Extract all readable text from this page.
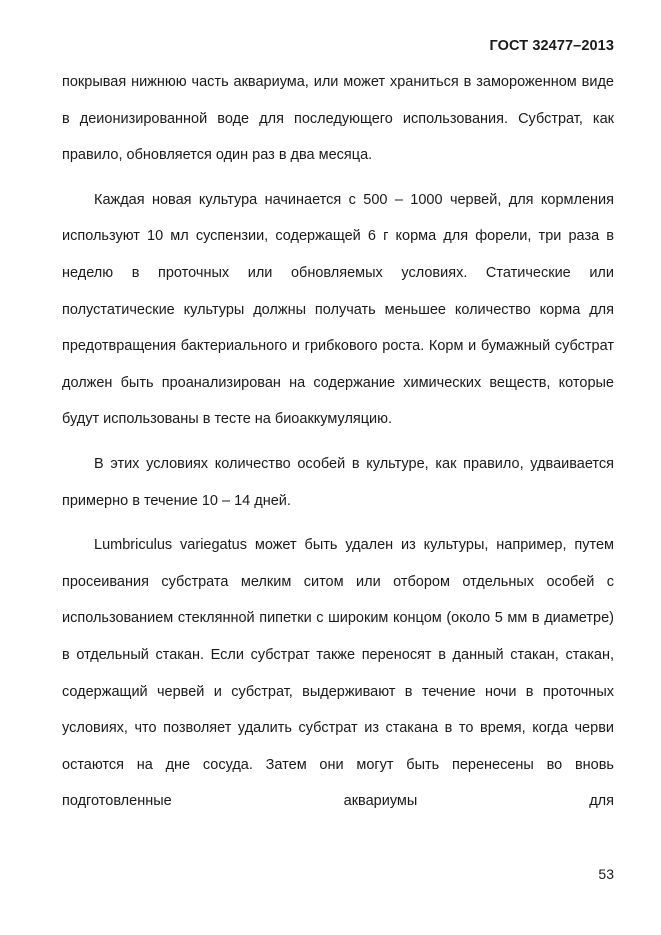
ГОСТ 32477–2013

покрывая нижнюю часть аквариума, или может храниться в замороженном виде в деионизированной воде для последующего использования. Субстрат, как правило, обновляется один раз в два месяца.

Каждая новая культура начинается с 500 – 1000 червей, для кормления используют 10 мл суспензии, содержащей 6 г корма для форели, три раза в неделю в проточных или обновляемых условиях. Статические или полустатические культуры должны получать меньшее количество корма для предотвращения бактериального и грибкового роста. Корм и бумажный субстрат должен быть проанализирован на содержание химических веществ, которые будут использованы в тесте на биоаккумуляцию.

В этих условиях количество особей в культуре, как правило, удваивается примерно в течение 10 – 14 дней.

Lumbriculus variegatus может быть удален из культуры, например, путем просеивания субстрата мелким ситом или отбором отдельных особей с использованием стеклянной пипетки с широким концом (около 5 мм в диаметре) в отдельный стакан. Если субстрат также переносят в данный стакан, стакан, содержащий червей и субстрат, выдерживают в течение ночи в проточных условиях, что позволяет удалить субстрат из стакана в то время, когда черви остаются на дне сосуда. Затем они могут быть перенесены во вновь подготовленные аквариумы для

53
